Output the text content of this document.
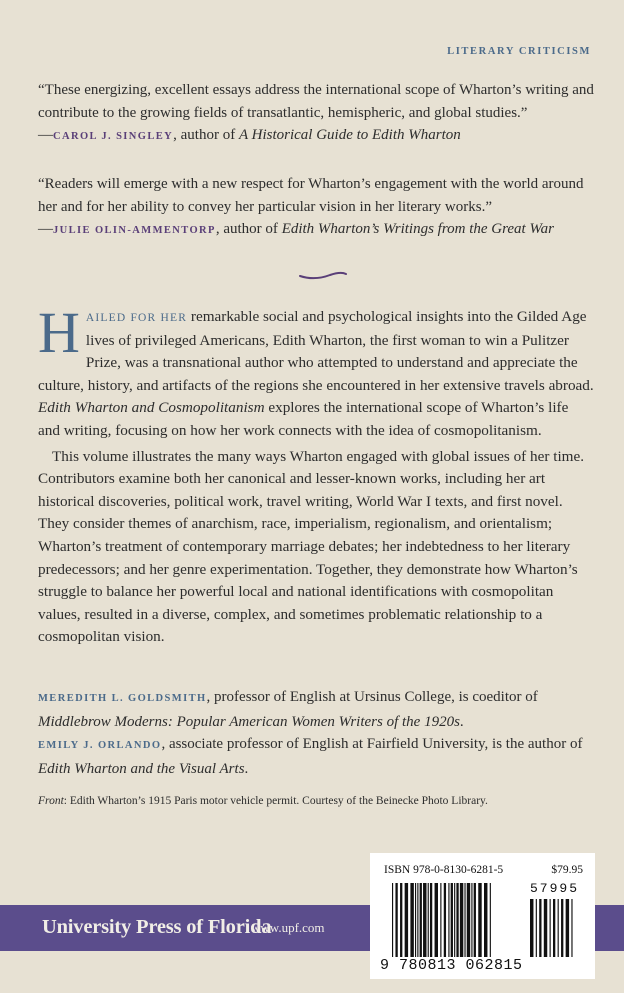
LITERARY CRITICISM
“These energizing, excellent essays address the international scope of Wharton’s writing and contribute to the growing fields of transatlantic, hemispheric, and global studies.”
—CAROL J. SINGLEY, author of A Historical Guide to Edith Wharton
“Readers will emerge with a new respect for Wharton’s engagement with the world around her and for her ability to convey her particular vision in her literary works.”
—JULIE OLIN-AMMENTORP, author of Edith Wharton’s Writings from the Great War

HAILED FOR HER remarkable social and psychological insights into the Gilded Age lives of privileged Americans, Edith Wharton, the first woman to win a Pulitzer Prize, was a transnational author who attempted to understand and appreciate the culture, history, and artifacts of the regions she encountered in her extensive travels abroad. Edith Wharton and Cosmopolitanism explores the international scope of Wharton’s life and writing, focusing on how her work connects with the idea of cosmopolitanism.

This volume illustrates the many ways Wharton engaged with global issues of her time. Contributors examine both her canonical and lesser-known works, including her art historical discoveries, political work, travel writing, World War I texts, and first novel. They consider themes of anarchism, race, imperialism, regionalism, and orientalism; Wharton’s treatment of contemporary marriage debates; her indebtedness to her literary predecessors; and her genre experimentation. Together, they demonstrate how Wharton’s struggle to balance her powerful local and national identifications with cosmopolitan values, resulted in a diverse, complex, and sometimes problematic relationship to a cosmopolitan vision.

MEREDITH L. GOLDSMITH, professor of English at Ursinus College, is coeditor of Middlebrow Moderns: Popular American Women Writers of the 1920s.

EMILY J. ORLANDO, associate professor of English at Fairfield University, is the author of Edith Wharton and the Visual Arts.

Front: Edith Wharton’s 1915 Paris motor vehicle permit. Courtesy of the Beinecke Photo Library.
University Press of Florida
www.upf.com
ISBN 978-0-8130-6281-5	$79.95
57995
9 780813 062815
